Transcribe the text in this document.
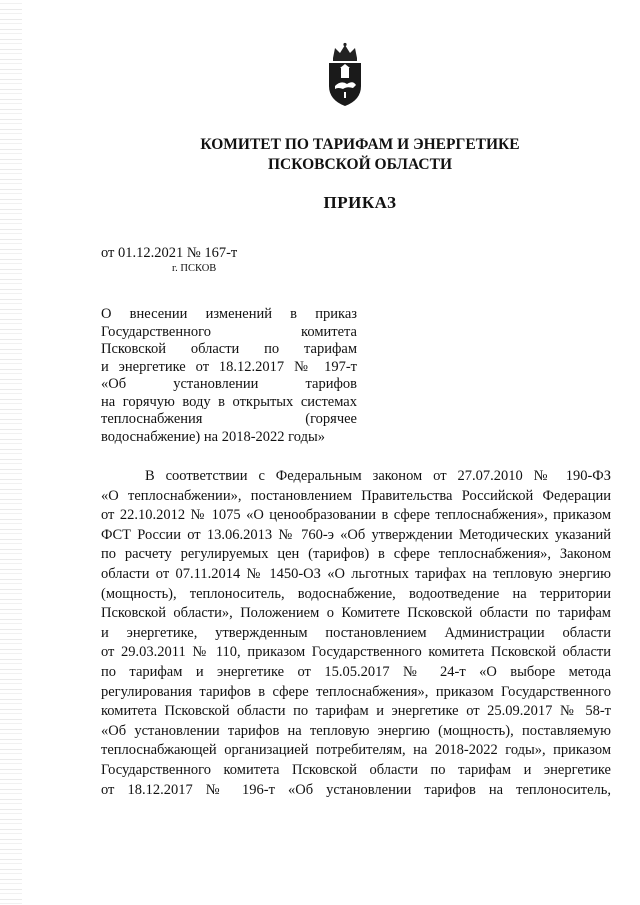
КОМИТЕТ ПО ТАРИФАМ И ЭНЕРГЕТИКЕ
ПСКОВСКОЙ ОБЛАСТИ
ПРИКАЗ
от 01.12.2021 № 167-т
г. ПСКОВ
О внесении изменений в приказ
Государственного комитета
Псковской области по тарифам
и энергетике от 18.12.2017 № 197-т
«Об установлении тарифов
на горячую воду в открытых системах
теплоснабжения (горячее
водоснабжение) на 2018-2022 годы»
В соответствии с Федеральным законом от 27.07.2010 № 190-ФЗ
«О теплоснабжении», постановлением Правительства Российской Федерации
от 22.10.2012 № 1075 «О ценообразовании в сфере теплоснабжения», приказом
ФСТ России от 13.06.2013 № 760-э «Об утверждении Методических указаний
по расчету регулируемых цен (тарифов) в сфере теплоснабжения», Законом
области от 07.11.2014 № 1450-ОЗ «О льготных тарифах на тепловую энергию
(мощность), теплоноситель, водоснабжение, водоотведение на территории
Псковской области», Положением о Комитете Псковской области по тарифам
и энергетике, утвержденным постановлением Администрации области
от 29.03.2011 № 110, приказом Государственного комитета Псковской области
по тарифам и энергетике от 15.05.2017 № 24-т «О выборе метода
регулирования тарифов в сфере теплоснабжения», приказом Государственного
комитета Псковской области по тарифам и энергетике от 25.09.2017 № 58-т
«Об установлении тарифов на тепловую энергию (мощность), поставляемую
теплоснабжающей организацией потребителям, на 2018-2022 годы», приказом
Государственного комитета Псковской области по тарифам и энергетике
от 18.12.2017 № 196-т «Об установлении тарифов на теплоноситель,
